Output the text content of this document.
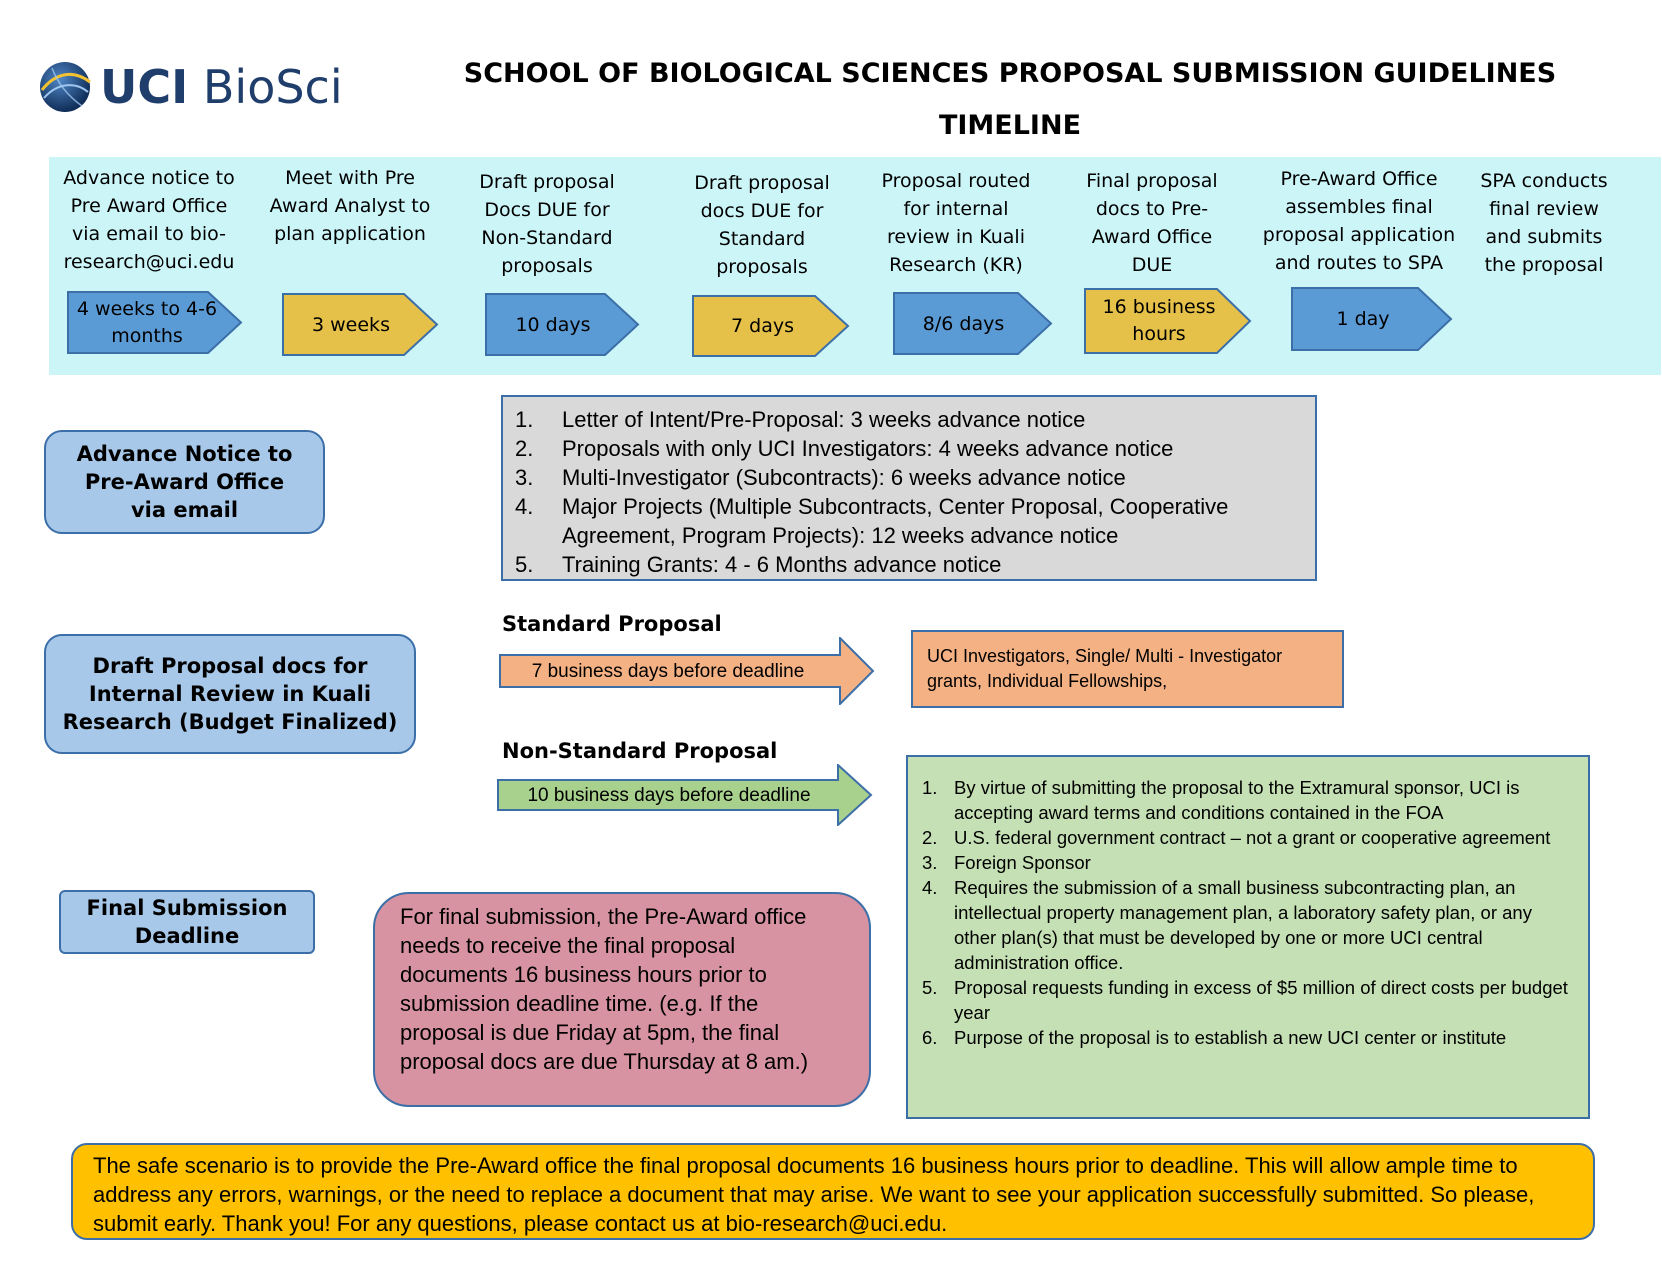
UCI BioSci	SCHOOL OF BIOLOGICAL SCIENCES PROPOSAL SUBMISSION GUIDELINES
TIMELINE
Advance notice to Pre Award Office via email to bio-research@uci.edu
Meet with Pre Award Analyst to plan application
Draft proposal Docs DUE for Non-Standard proposals
Draft proposal docs DUE for Standard proposals
Proposal routed for internal review in Kuali Research (KR)
Final proposal docs to Pre-Award Office DUE
Pre-Award Office assembles final proposal application and routes to SPA
SPA conducts final review and submits the proposal
4 weeks to 4-6 months
3 weeks	10 days	7 days	8/6 days
16 business hours
1 day
Advance Notice to Pre-Award Office via email
1.	Letter of Intent/Pre-Proposal: 3 weeks advance notice
2.	Proposals with only UCI Investigators: 4 weeks advance notice
3.	Multi-Investigator (Subcontracts): 6 weeks advance notice
4.	Major Projects (Multiple Subcontracts, Center Proposal, Cooperative Agreement, Program Projects): 12 weeks advance notice
5.	Training Grants: 4 - 6 Months advance notice
Draft Proposal docs for Internal Review in Kuali Research (Budget Finalized)
Standard Proposal
7 business days before deadline
UCI Investigators, Single/ Multi - Investigator grants, Individual Fellowships,
Non-Standard Proposal
10 business days before deadline	1. By virtue of submitting the proposal to the Extramural sponsor, UCI is accepting award terms and conditions contained in the FOA
2. U.S. federal government contract – not a grant or cooperative agreement
3. Foreign Sponsor
4. Requires the submission of a small business subcontracting plan, an intellectual property management plan, a laboratory safety plan, or any other plan(s) that must be developed by one or more UCI central administration office.
5. Proposal requests funding in excess of $5 million of direct costs per budget year
6. Purpose of the proposal is to establish a new UCI center or institute
Final Submission Deadline
For final submission, the Pre-Award office needs to receive the final proposal documents 16 business hours prior to submission deadline time. (e.g. If the proposal is due Friday at 5pm, the final proposal docs are due Thursday at 8 am.)
The safe scenario is to provide the Pre-Award office the final proposal documents 16 business hours prior to deadline. This will allow ample time to address any errors, warnings, or the need to replace a document that may arise. We want to see your application successfully submitted. So please, submit early. Thank you! For any questions, please contact us at bio-research@uci.edu.
